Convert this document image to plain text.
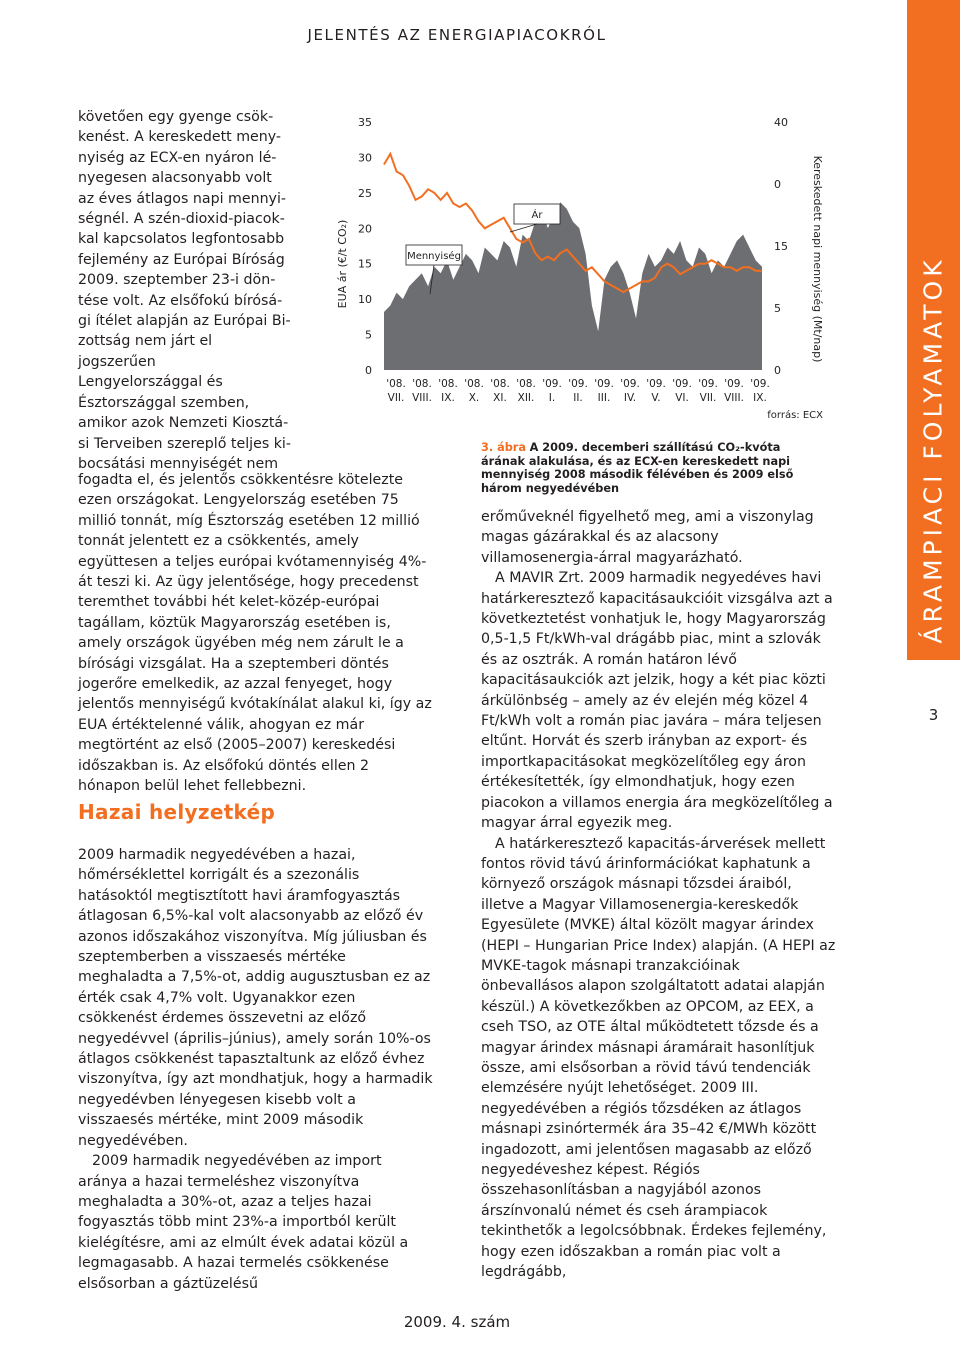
JELENTÉS AZ ENERGIAPIACOKRÓL
ÁRAMPIACI FOLYAMATOK
3
követően egy gyenge csök-
kenést. A kereskedett meny-
nyiség az ECX-en nyáron lé-
nyegesen alacsonyabb volt
az éves átlagos napi mennyi-
ségnél. A szén-dioxid-piacok-
kal kapcsolatos legfontosabb
fejlemény az Európai Bíróság
2009. szeptember 23-i dön-
tése volt. Az elsőfokú bírósá-
gi ítélet alapján az Európai Bi-
zottság nem járt el jogszerűen
Lengyelországgal és
Észtországgal szemben,
amikor azok Nemzeti Kiosztá-
si Terveiben szereplő teljes ki-
bocsátási mennyiségét nem

fogadta el, és jelentős csökkentésre kötelezte ezen országokat. Lengyelország esetében 75 millió tonnát, míg Észtország esetében 12 millió tonnát jelentett ez a csökkentés, amely együttesen a teljes európai kvótamennyiség 4%-át teszi ki. Az ügy jelentősége, hogy precedenst teremthet további hét kelet-közép-európai tagállam, köztük Magyarország esetében is, amely országok ügyében még nem zárult le a bírósági vizsgálat. Ha a szeptemberi döntés jogerőre emelkedik, az azzal fenyeget, hogy jelentős mennyiségű kvótakínálat alakul ki, így az EUA értéktelenné válik, ahogyan ez már megtörtént az első (2005–2007) kereskedési időszakban is. Az elsőfokú döntés ellen 2 hónapon belül lehet fellebbezni.

Hazai helyzetkép

2009 harmadik negyedévében a hazai, hőmérséklettel korrigált és a szezonális hatásoktól megtisztított havi áramfogyasztás átlagosan 6,5%-kal volt alacsonyabb az előző év azonos időszakához viszonyítva. Míg júliusban és szeptemberben a visszaesés mértéke meghaladta a 7,5%-ot, addig augusztusban ez az érték csak 4,7% volt. Ugyanakkor ezen csökkenést érdemes összevetni az előző negyedévvel (április–június), amely során 10%-os átlagos csökkenést tapasztaltunk az előző évhez viszonyítva, így azt mondhatjuk, hogy a harmadik negyedévben lényegesen kisebb volt a visszaesés mértéke, mint 2009 második negyedévében.

2009 harmadik negyedévében az import aránya a hazai termeléshez viszonyítva meghaladta a 30%-ot, azaz a teljes hazai fogyasztás több mint 23%-a importból került kielégítésre, ami az elmúlt évek adatai közül a legmagasabb. A hazai termelés csökkenése elsősorban a gáztüzelésű

EUA ár (€/t CO₂)	Kereskedett napi mennyiség (Mt/nap)
forrás: ECX
35
30
25
20
15
10
5
0
40
0
15
5
0
Mennyiség
Ár
'08.
VII.
'08.
VIII.
'08.
IX.
'08.
X.
'08.
XI.
'08.
XII.
'09.
I.
'09.
II.
'09.
III.
'09.
IV.
'09.
V.
'09.
VI.
'09.
VII.
'09.
VIII.
'09.
IX.

3. ábra A 2009. decemberi szállítású CO₂-kvóta árának alakulása, és az ECX-en kereskedett napi mennyiség 2008 második félévében és 2009 első három negyedévében

erőműveknél figyelhető meg, ami a viszonylag magas gázárakkal és az alacsony villamosenergia-árral magyarázható.

A MAVIR Zrt. 2009 harmadik negyedéves havi határkeresztező kapacitásaukcióit vizsgálva azt a következtetést vonhatjuk le, hogy Magyarország 0,5-1,5 Ft/kWh-val drágább piac, mint a szlovák és az osztrák. A román határon lévő kapacitásaukciók azt jelzik, hogy a két piac közti árkülönbség – amely az év elején még közel 4 Ft/kWh volt a román piac javára – mára teljesen eltűnt. Horvát és szerb irányban az export- és importkapacitásokat megközelítőleg egy áron értékesítették, így elmondhatjuk, hogy ezen piacokon a villamos energia ára megközelítőleg a magyar árral egyezik meg.

A határkeresztező kapacitás-árverések mellett fontos rövid távú árinformációkat kaphatunk a környező országok másnapi tőzsdei áraiból, illetve a Magyar Villamosenergia-kereskedők Egyesülete (MVKE) által közölt magyar árindex (HEPI – Hungarian Price Index) alapján. (A HEPI az MVKE-tagok másnapi tranzakcióinak önbevallásos alapon szolgáltatott adatai alapján készül.) A következőkben az OPCOM, az EEX, a cseh TSO, az OTE által működtetett tőzsde és a magyar árindex másnapi áramárait hasonlítjuk össze, ami elsősorban a rövid távú tendenciák elemzésére nyújt lehetőséget. 2009 III. negyedévében a régiós tőzsdéken az átlagos másnapi zsinórtermék ára 35–42 €/MWh között ingadozott, ami jelentősen magasabb az előző negyedéveshez képest. Régiós összehasonlításban a nagyjából azonos árszínvonalú német és cseh árampiacok tekinthetők a legolcsóbbnak. Érdekes fejlemény, hogy ezen időszakban a román piac volt a legdrágább,

2009. 4. szám
